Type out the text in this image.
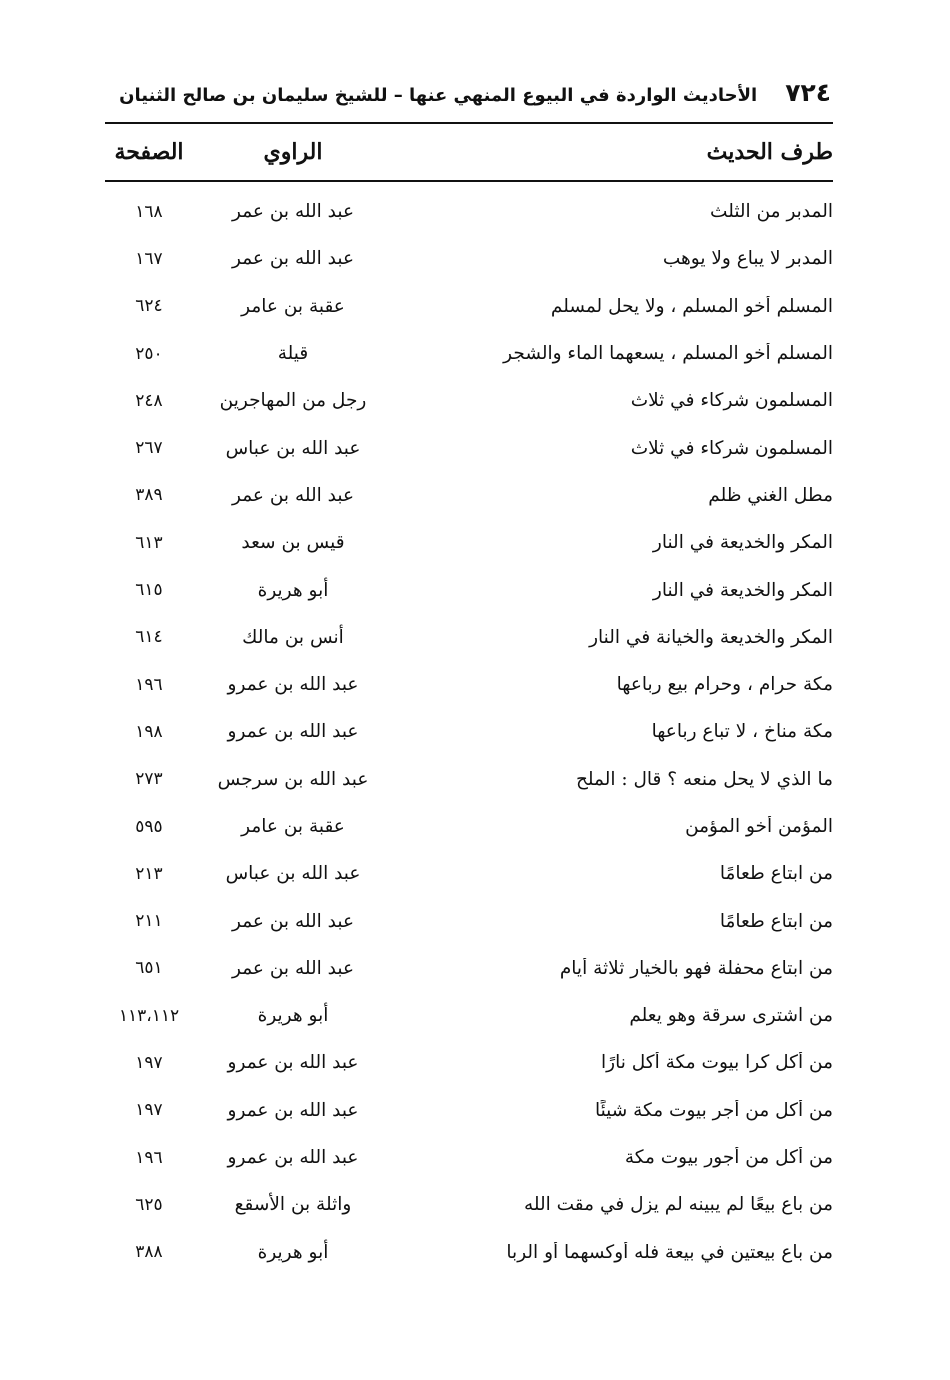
٧٢٤
الأحاديث الواردة في البيوع المنهي عنها – للشيخ سليمان بن صالح الثنيان
طرف الحديث
الراوي
الصفحة
المدبر من الثلث
عبد الله بن عمر
١٦٨
المدبر لا يباع ولا يوهب
عبد الله بن عمر
١٦٧
المسلم أخو المسلم ، ولا يحل لمسلم
عقبة بن عامر
٦٢٤
المسلم أخو المسلم ، يسعهما الماء والشجر
قيلة
٢٥٠
المسلمون شركاء في ثلاث
رجل من المهاجرين
٢٤٨
المسلمون شركاء في ثلاث
عبد الله بن عباس
٢٦٧
مطل الغني ظلم
عبد الله بن عمر
٣٨٩
المكر والخديعة في النار
قيس بن سعد
٦١٣
المكر والخديعة في النار
أبو هريرة
٦١٥
المكر والخديعة والخيانة في النار
أنس بن مالك
٦١٤
مكة حرام ، وحرام بيع رباعها
عبد الله بن عمرو
١٩٦
مكة مناخ ، لا تباع رباعها
عبد الله بن عمرو
١٩٨
ما الذي لا يحل منعه ؟ قال : الملح
عبد الله بن سرجس
٢٧٣
المؤمن أخو المؤمن
عقبة بن عامر
٥٩٥
من ابتاع طعامًا
عبد الله بن عباس
٢١٣
من ابتاع طعامًا
عبد الله بن عمر
٢١١
من ابتاع محفلة فهو بالخيار ثلاثة أيام
عبد الله بن عمر
٦٥١
من اشترى سرقة وهو يعلم
أبو هريرة
١١٣،١١٢
من أكل كرا بيوت مكة أكل نارًا
عبد الله بن عمرو
١٩٧
من أكل من أجر بيوت مكة شيئًا
عبد الله بن عمرو
١٩٧
من أكل من أجور بيوت مكة
عبد الله بن عمرو
١٩٦
من باع بيعًا لم يبينه لم يزل في مقت الله
واثلة بن الأسقع
٦٢٥
من باع بيعتين في بيعة فله أوكسهما أو الربا
أبو هريرة
٣٨٨
